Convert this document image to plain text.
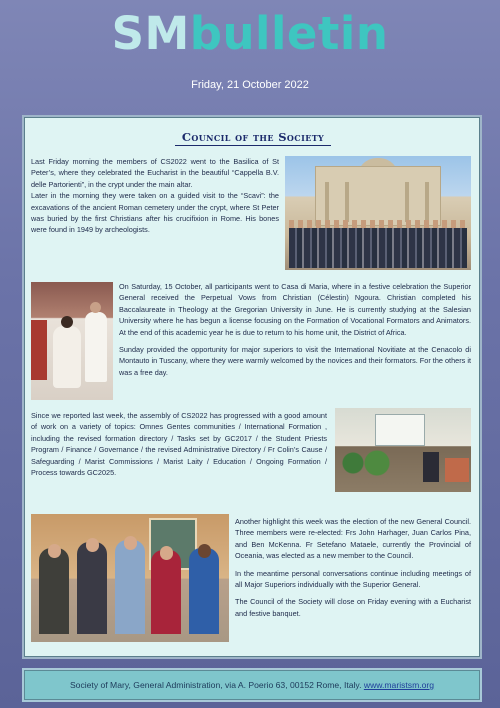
SMbulletin
Friday, 21 October 2022
Council of the Society

Last Friday morning the members of CS2022 went to the Basilica of St Peter’s, where they celebrated the Eucharist in the beautiful “Cappella B.V. delle Partorienti”, in the crypt under the main altar.

Later in the morning they were taken on a guided visit to the “Scavi”: the excavations of the ancient Roman cemetery under the crypt, where St Peter was buried by the first Christians after his crucifixion in Rome. His bones were found in 1949 by archeologists.

On Saturday, 15 October, all participants went to Casa di Maria, where in a festive celebration the Superior General received the Perpetual Vows from Christian (Célestin) Ngoura. Christian completed his Baccalaureate in Theology at the Gregorian University in June. He is currently studying at the Salesian University where he has begun a license focusing on the Formation of Vocational Formators and Animators. At the end of this academic year he is due to return to his home unit, the District of Africa.

Sunday provided the opportunity for major superiors to visit the International Novitiate at the Cenacolo di Montauto in Tuscany, where they were warmly welcomed by the novices and their formators. For the others it was a free day.

Since we reported last week, the assembly of CS2022 has progressed with a good amount of work on a variety of topics: Omnes Gentes communities / International Formation , including the revised formation directory / Tasks set by GC2017 / the Student Priests Program / Finance / Governance / the revised Administrative Directory / Fr Colin’s Cause / Safeguarding / Marist Commissions / Marist Laity / Education / Ongoing Formation / Process towards GC2025.

Another highlight this week was the election of the new General Council. Three members were re-elected: Frs John Harhager, Juan Carlos Pina, and Ben McKenna. Fr Setefano Mataele, currently the Provincial of Oceania, was elected as a new member to the Council.

In the meantime personal conversations continue including meetings of all Major Superiors individually with the Superior General.

The Council of the Society will close on Friday evening with a Eucharist and festive banquet.

Society of Mary, General Administration, via A. Poerio 63, 00152 Rome, Italy. www.maristsm.org
